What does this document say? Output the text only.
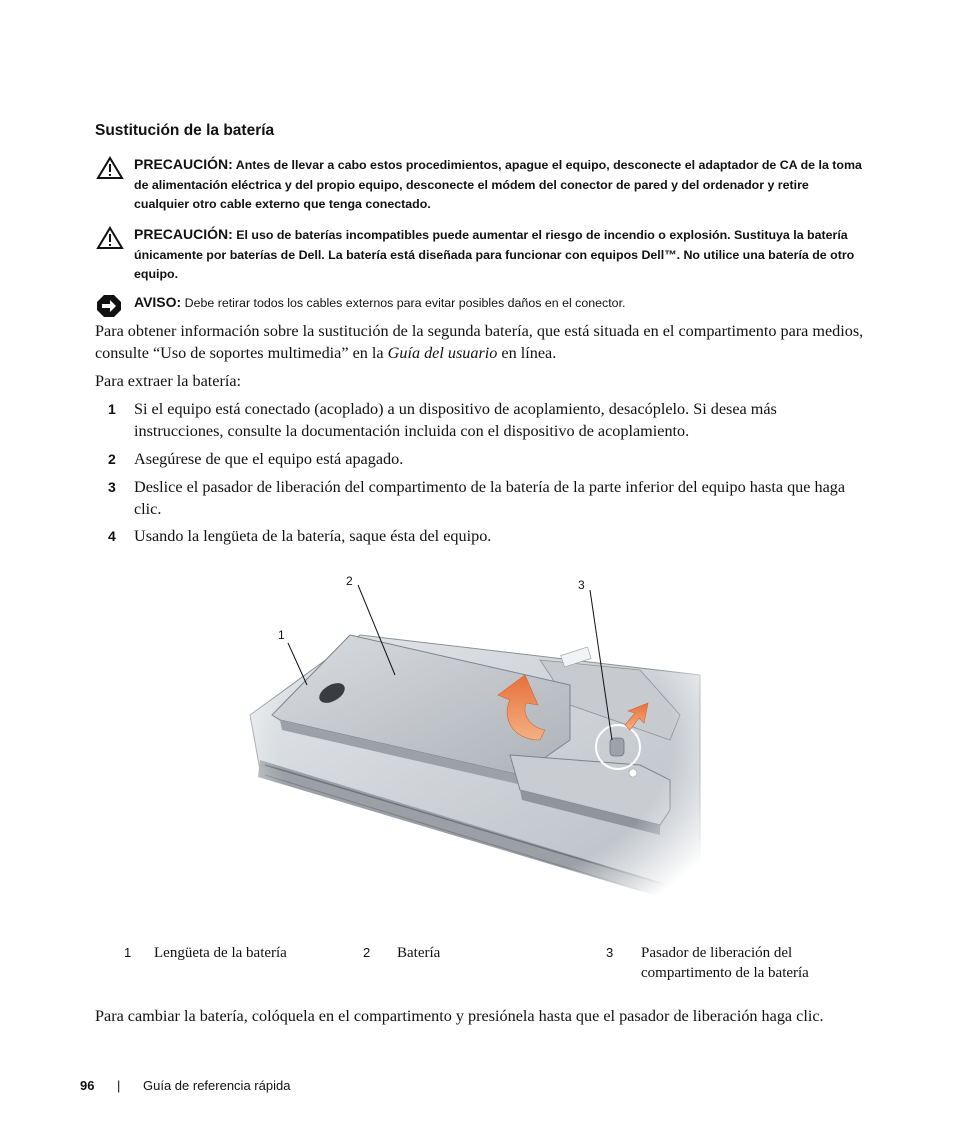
Sustitución de la batería
PRECAUCIÓN: Antes de llevar a cabo estos procedimientos, apague el equipo, desconecte el adaptador de CA de la toma de alimentación eléctrica y del propio equipo, desconecte el módem del conector de pared y del ordenador y retire cualquier otro cable externo que tenga conectado.
PRECAUCIÓN: El uso de baterías incompatibles puede aumentar el riesgo de incendio o explosión. Sustituya la batería únicamente por baterías de Dell. La batería está diseñada para funcionar con equipos Dell™. No utilice una batería de otro equipo.
AVISO: Debe retirar todos los cables externos para evitar posibles daños en el conector.
Para obtener información sobre la sustitución de la segunda batería, que está situada en el compartimento para medios, consulte “Uso de soportes multimedia” en la Guía del usuario en línea.
Para extraer la batería:
1 Si el equipo está conectado (acoplado) a un dispositivo de acoplamiento, desacóplelo. Si desea más instrucciones, consulte la documentación incluida con el dispositivo de acoplamiento.
2 Asegúrese de que el equipo está apagado.
3 Deslice el pasador de liberación del compartimento de la batería de la parte inferior del equipo hasta que haga clic.
4 Usando la lengüeta de la batería, saque ésta del equipo.
1
2	3
1 Lengüeta de la batería	2 Batería	3 Pasador de liberación del compartimento de la batería
Para cambiar la batería, colóquela en el compartimento y presiónela hasta que el pasador de liberación haga clic.
96 | Guía de referencia rápida
